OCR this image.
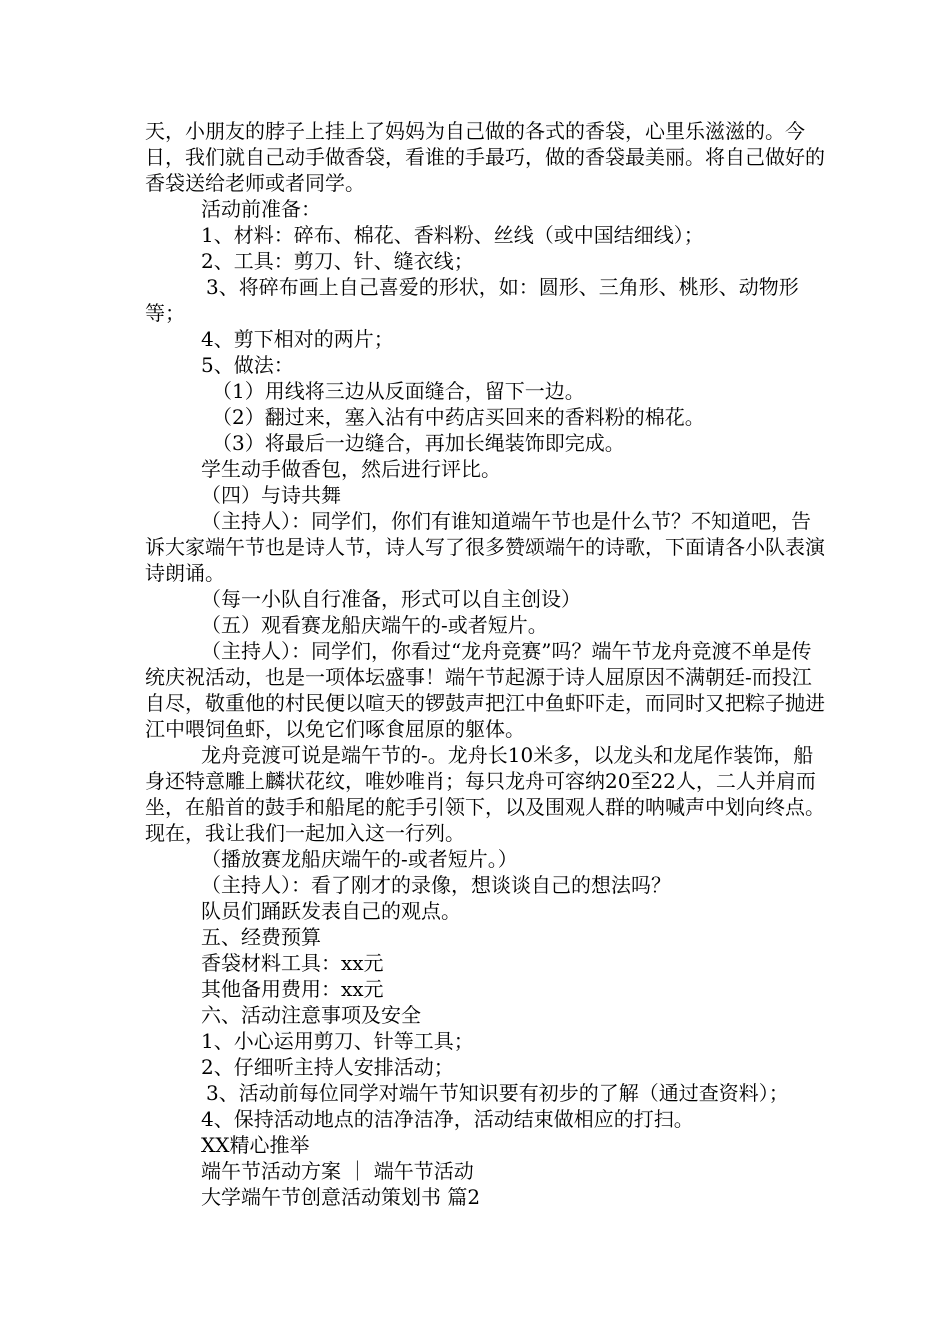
天，小朋友的脖子上挂上了妈妈为自己做的各式的香袋，心里乐滋滋的。今日，我们就自己动手做香袋，看谁的手最巧，做的香袋最美丽。将自己做好的香袋送给老师或者同学。

活动前准备：

1、材料：碎布、棉花、香料粉、丝线（或中国结细线）；

2、工具：剪刀、针、缝衣线；

3、将碎布画上自己喜爱的形状，如：圆形、三角形、桃形、动物形等；

4、剪下相对的两片；

5、做法：

（1）用线将三边从反面缝合，留下一边。

（2）翻过来，塞入沾有中药店买回来的香料粉的棉花。

（3）将最后一边缝合，再加长绳装饰即完成。

学生动手做香包，然后进行评比。

（四）与诗共舞

（主持人）：同学们，你们有谁知道端午节也是什么节？不知道吧，告诉大家端午节也是诗人节，诗人写了很多赞颂端午的诗歌，下面请各小队表演诗朗诵。

（每一小队自行准备，形式可以自主创设）

（五）观看赛龙船庆端午的-或者短片。

（主持人）：同学们，你看过“龙舟竞赛”吗？端午节龙舟竞渡不单是传统庆祝活动，也是一项体坛盛事！端午节起源于诗人屈原因不满朝廷-而投江自尽，敬重他的村民便以喧天的锣鼓声把江中鱼虾吓走，而同时又把粽子抛进江中喂饲鱼虾，以免它们啄食屈原的躯体。

龙舟竞渡可说是端午节的-。龙舟长10米多，以龙头和龙尾作装饰，船身还特意雕上麟状花纹，唯妙唯肖；每只龙舟可容纳20至22人，二人并肩而坐，在船首的鼓手和船尾的舵手引领下，以及围观人群的呐喊声中划向终点。现在，我让我们一起加入这一行列。

（播放赛龙船庆端午的-或者短片。）

（主持人）：看了刚才的录像，想谈谈自己的想法吗？

队员们踊跃发表自己的观点。

五、经费预算

香袋材料工具：xx元

其他备用费用：xx元

六、活动注意事项及安全

1、小心运用剪刀、针等工具；

2、仔细听主持人安排活动；

3、活动前每位同学对端午节知识要有初步的了解（通过查资料）；

4、保持活动地点的洁净洁净，活动结束做相应的打扫。

XX精心推举

端午节活动方案 ｜ 端午节活动

大学端午节创意活动策划书 篇2
